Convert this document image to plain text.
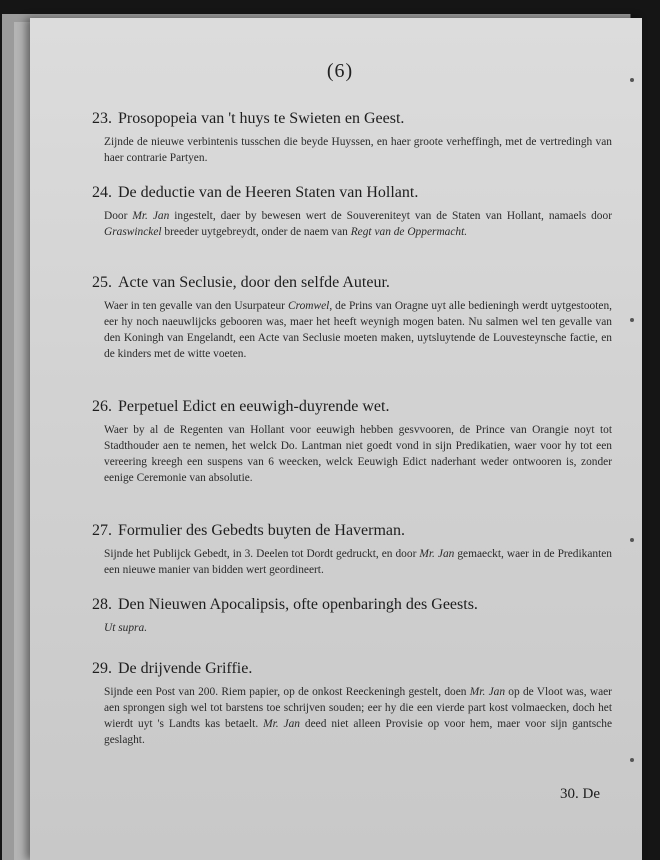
(6)
23. Prosopopeia van 't huys te Swieten en Geest.

Zijnde de nieuwe verbintenis tusschen die beyde Huyssen, en haer groote verheffingh, met de vertredingh van haer contrarie Partyen.

24. De deductie van de Heeren Staten van Hollant.

Door Mr. Jan ingestelt, daer by bewesen wert de Souvereniteyt van de Staten van Hollant, namaels door Graswinckel breeder uytgebreydt, onder de naem van Regt van de Oppermacht.

25. Acte van Seclusie, door den selfde Auteur.

Waer in ten gevalle van den Usurpateur Cromwel, de Prins van Oragne uyt alle bedieningh werdt uytgestooten, eer hy noch naeuwlijcks gebooren was, maer het heeft weynigh mogen baten. Nu salmen wel ten gevalle van den Koningh van Engelandt, een Acte van Seclusie moeten maken, uytsluytende de Louvesteynsche factie, en de kinders met de witte voeten.

26. Perpetuel Edict en eeuwigh-duyrende wet.

Waer by al de Regenten van Hollant voor eeuwigh hebben gesvvooren, de Prince van Orangie noyt tot Stadthouder aen te nemen, het welck Do. Lantman niet goedt vond in sijn Predikatien, waer voor hy tot een vereering kreegh een suspens van 6 weecken, welck Eeuwigh Edict naderhant weder ontwooren is, zonder eenige Ceremonie van absolutie.

27. Formulier des Gebedts buyten de Haverman.

Sijnde het Publijck Gebedt, in 3. Deelen tot Dordt gedruckt, en door Mr. Jan gemaeckt, waer in de Predikanten een nieuwe manier van bidden wert geordineert.

28. Den Nieuwen Apocalipsis, ofte openbaringh des Geests.

Ut supra.

29. De drijvende Griffie.

Sijnde een Post van 200. Riem papier, op de onkost Reeckeningh gestelt, doen Mr. Jan op de Vloot was, waer aen sprongen sigh wel tot barstens toe schrijven souden; eer hy die een vierde part kost volmaecken, doch het wierdt uyt 's Landts kas betaelt. Mr. Jan deed niet alleen Provisie op voor hem, maer voor sijn gantsche geslaght.

30. De
